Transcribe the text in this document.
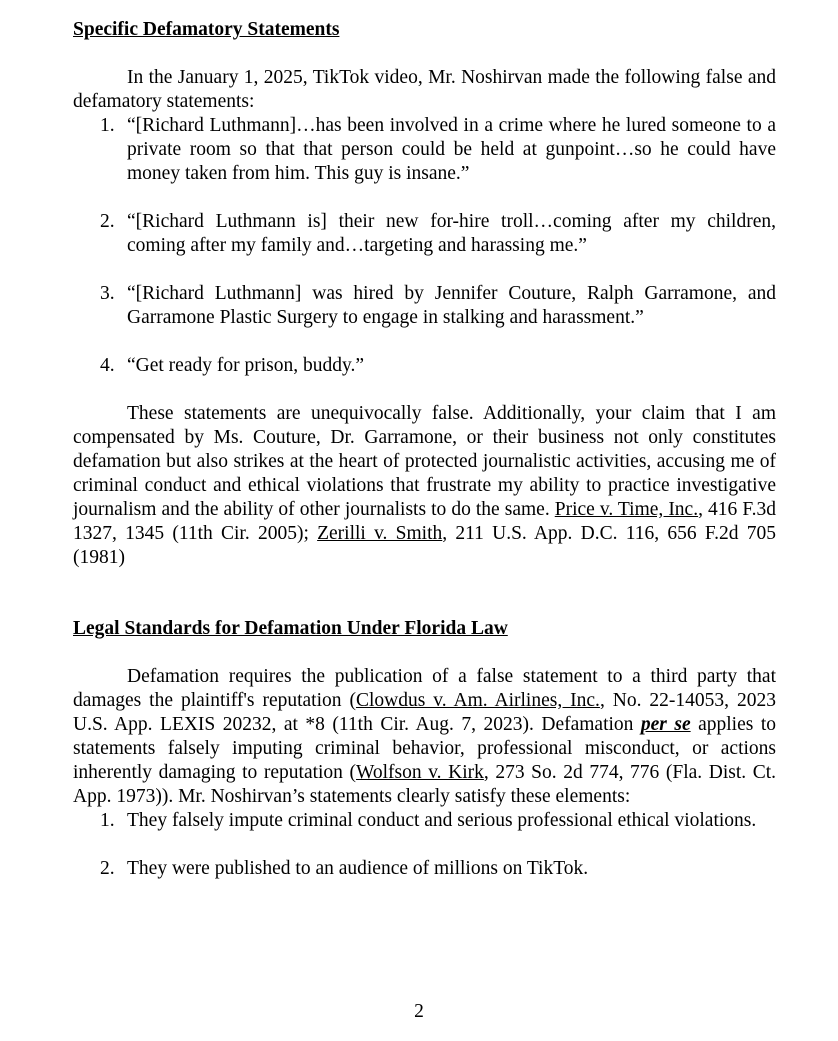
Specific Defamatory Statements

In the January 1, 2025, TikTok video, Mr. Noshirvan made the following false and defamatory statements:

1. “[Richard Luthmann]…has been involved in a crime where he lured someone to a private room so that that person could be held at gunpoint…so he could have money taken from him. This guy is insane.”
2. “[Richard Luthmann is] their new for-hire troll…coming after my children, coming after my family and…targeting and harassing me.”
3. “[Richard Luthmann] was hired by Jennifer Couture, Ralph Garramone, and Garramone Plastic Surgery to engage in stalking and harassment.”
4. “Get ready for prison, buddy.”

These statements are unequivocally false. Additionally, your claim that I am compensated by Ms. Couture, Dr. Garramone, or their business not only constitutes defamation but also strikes at the heart of protected journalistic activities, accusing me of criminal conduct and ethical violations that frustrate my ability to practice investigative journalism and the ability of other journalists to do the same. Price v. Time, Inc., 416 F.3d 1327, 1345 (11th Cir. 2005); Zerilli v. Smith, 211 U.S. App. D.C. 116, 656 F.2d 705 (1981)

Legal Standards for Defamation Under Florida Law

Defamation requires the publication of a false statement to a third party that damages the plaintiff's reputation (Clowdus v. Am. Airlines, Inc., No. 22-14053, 2023 U.S. App. LEXIS 20232, at *8 (11th Cir. Aug. 7, 2023). Defamation per se applies to statements falsely imputing criminal behavior, professional misconduct, or actions inherently damaging to reputation (Wolfson v. Kirk, 273 So. 2d 774, 776 (Fla. Dist. Ct. App. 1973)). Mr. Noshirvan’s statements clearly satisfy these elements:

1. They falsely impute criminal conduct and serious professional ethical violations.
2. They were published to an audience of millions on TikTok.
2
